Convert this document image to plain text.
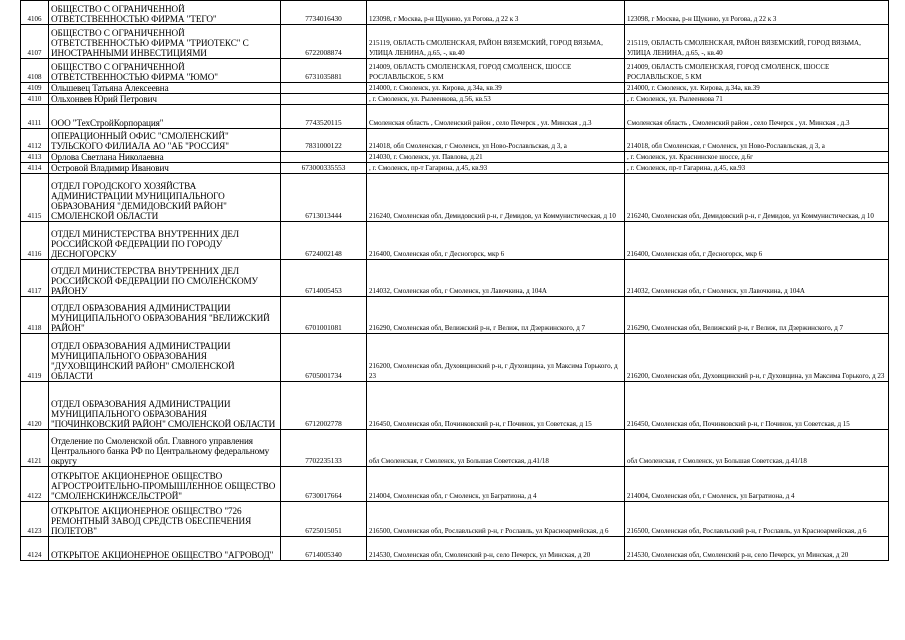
4106	ОБЩЕСТВО С ОГРАНИЧЕННОЙ ОТВЕТСТВЕННОСТЬЮ ФИРМА "ТЕГО"	7734016430	123098, г Москва, р-н Щукино, ул Рогова, д 22 к 3	123098, г Москва, р-н Щукино, ул Рогова, д 22 к 3
4107	ОБЩЕСТВО С ОГРАНИЧЕННОЙ ОТВЕТСТВЕННОСТЬЮ ФИРМА "ТРИОТЕКС" С ИНОСТРАННЫМИ ИНВЕСТИЦИЯМИ	6722008874	215119, ОБЛАСТЬ СМОЛЕНСКАЯ, РАЙОН ВЯЗЕМСКИЙ, ГОРОД ВЯЗЬМА, УЛИЦА ЛЕНИНА, д.65, -, кв.40	215119, ОБЛАСТЬ СМОЛЕНСКАЯ, РАЙОН ВЯЗЕМСКИЙ, ГОРОД ВЯЗЬМА, УЛИЦА ЛЕНИНА, д.65, -, кв.40
4108	ОБЩЕСТВО С ОГРАНИЧЕННОЙ ОТВЕТСТВЕННОСТЬЮ ФИРМА "ЮМО"	6731035881	214009, ОБЛАСТЬ СМОЛЕНСКАЯ, ГОРОД СМОЛЕНСК, ШОССЕ РОСЛАВЛЬСКОЕ, 5 КМ	214009, ОБЛАСТЬ СМОЛЕНСКАЯ, ГОРОД СМОЛЕНСК, ШОССЕ РОСЛАВЛЬСКОЕ, 5 КМ
4109	Ольшевец Татьяна Алексеевна		214000, г. Смоленск, ул. Кирова, д.34а, кв.39	214000, г. Смоленск, ул. Кирова, д.34а, кв.39
4110	Ольхонвев Юрий Петрович		, г. Смоленск, ул. Рылеенкова, д.56, кв.53	, г. Смоленск, ул. Рылеенкова 71
4111	ООО "ТехСтройКорпорация"	7743520115	Смоленская область , Смоленский район , село Печерск , ул. Минская , д.3	Смоленская область , Смоленский район , село Печерск , ул. Минская , д.3
4112	ОПЕРАЦИОННЫЙ ОФИС "СМОЛЕНСКИЙ" ТУЛЬСКОГО ФИЛИАЛА АО "АБ "РОССИЯ"	7831000122	214018, обл Смоленская, г Смоленск, ул Ново-Рославльская, д 3, а	214018, обл Смоленская, г Смоленск, ул Ново-Рославльская, д 3, а
4113	Орлова Светлана Николаевна		214030, г. Смоленск, ул. Павлова, д.21	, г. Смоленск, ул. Краснинское шоссе, д.6г
4114	Островой Владимир Иванович	673000335553	, г. Смоленск, пр-т Гагарина, д.45, кв.93	, г. Смоленск, пр-т Гагарина, д.45, кв.93
4115	ОТДЕЛ ГОРОДСКОГО ХОЗЯЙСТВА АДМИНИСТРАЦИИ МУНИЦИПАЛЬНОГО ОБРАЗОВАНИЯ "ДЕМИДОВСКИЙ РАЙОН" СМОЛЕНСКОЙ ОБЛАСТИ	6713013444	216240, Смоленская обл, Демидовский р-н, г Демидов, ул Коммунистическая, д 10	216240, Смоленская обл, Демидовский р-н, г Демидов, ул Коммунистическая, д 10
4116	ОТДЕЛ МИНИСТЕРСТВА ВНУТРЕННИХ ДЕЛ РОССИЙСКОЙ ФЕДЕРАЦИИ ПО ГОРОДУ ДЕСНОГОРСКУ	6724002148	216400, Смоленская обл, г Десногорск, мкр 6	216400, Смоленская обл, г Десногорск, мкр 6
4117	ОТДЕЛ МИНИСТЕРСТВА ВНУТРЕННИХ ДЕЛ РОССИЙСКОЙ ФЕДЕРАЦИИ ПО СМОЛЕНСКОМУ РАЙОНУ	6714005453	214032, Смоленская обл, г Смоленск, ул Лавочкина, д 104А	214032, Смоленская обл, г Смоленск, ул Лавочкина, д 104А
4118	ОТДЕЛ ОБРАЗОВАНИЯ АДМИНИСТРАЦИИ МУНИЦИПАЛЬНОГО ОБРАЗОВАНИЯ "ВЕЛИЖСКИЙ РАЙОН"	6701001081	216290, Смоленская обл, Велижский р-н, г Велиж, пл Дзержинского, д 7	216290, Смоленская обл, Велижский р-н, г Велиж, пл Дзержинского, д 7
4119	ОТДЕЛ ОБРАЗОВАНИЯ АДМИНИСТРАЦИИ МУНИЦИПАЛЬНОГО ОБРАЗОВАНИЯ "ДУХОВЩИНСКИЙ РАЙОН" СМОЛЕНСКОЙ ОБЛАСТИ	6705001734	216200, Смоленская обл, Духовщинский р-н, г Духовщина, ул Максима Горького, д 23	216200, Смоленская обл, Духовщинский р-н, г Духовщина, ул Максима Горького, д 23
4120	ОТДЕЛ ОБРАЗОВАНИЯ АДМИНИСТРАЦИИ МУНИЦИПАЛЬНОГО ОБРАЗОВАНИЯ "ПОЧИНКОВСКИЙ РАЙОН" СМОЛЕНСКОЙ ОБЛАСТИ	6712002778	216450, Смоленская обл, Починковский р-н, г Починок, ул Советская, д 15	216450, Смоленская обл, Починковский р-н, г Починок, ул Советская, д 15
4121	Отделение по Смоленской обл. Главного управления Центрального банка РФ по Центральному федеральному округу	7702235133	обл Смоленская, г Смоленск, ул Большая Советская, д.41/18	обл Смоленская, г Смоленск, ул Большая Советская, д.41/18
4122	ОТКРЫТОЕ АКЦИОНЕРНОЕ ОБЩЕСТВО АГРОСТРОИТЕЛЬНО-ПРОМЫШЛЕННОЕ ОБЩЕСТВО "СМОЛЕНСКИНЖСЕЛЬСТРОЙ"	6730017664	214004, Смоленская обл, г Смоленск, ул Багратиона, д 4	214004, Смоленская обл, г Смоленск, ул Багратиона, д 4
4123	ОТКРЫТОЕ АКЦИОНЕРНОЕ ОБЩЕСТВО "726 РЕМОНТНЫЙ ЗАВОД СРЕДСТВ ОБЕСПЕЧЕНИЯ ПОЛЕТОВ"	6725015051	216500, Смоленская обл, Рославльский р-н, г Рославль, ул Красноармейская, д 6	216500, Смоленская обл, Рославльский р-н, г Рославль, ул Красноармейская, д 6
4124	ОТКРЫТОЕ АКЦИОНЕРНОЕ ОБЩЕСТВО "АГРОВОД"	6714005340	214530, Смоленская обл, Смоленский р-н, село Печерск, ул Минская, д 20	214530, Смоленская обл, Смоленский р-н, село Печерск, ул Минская, д 20
